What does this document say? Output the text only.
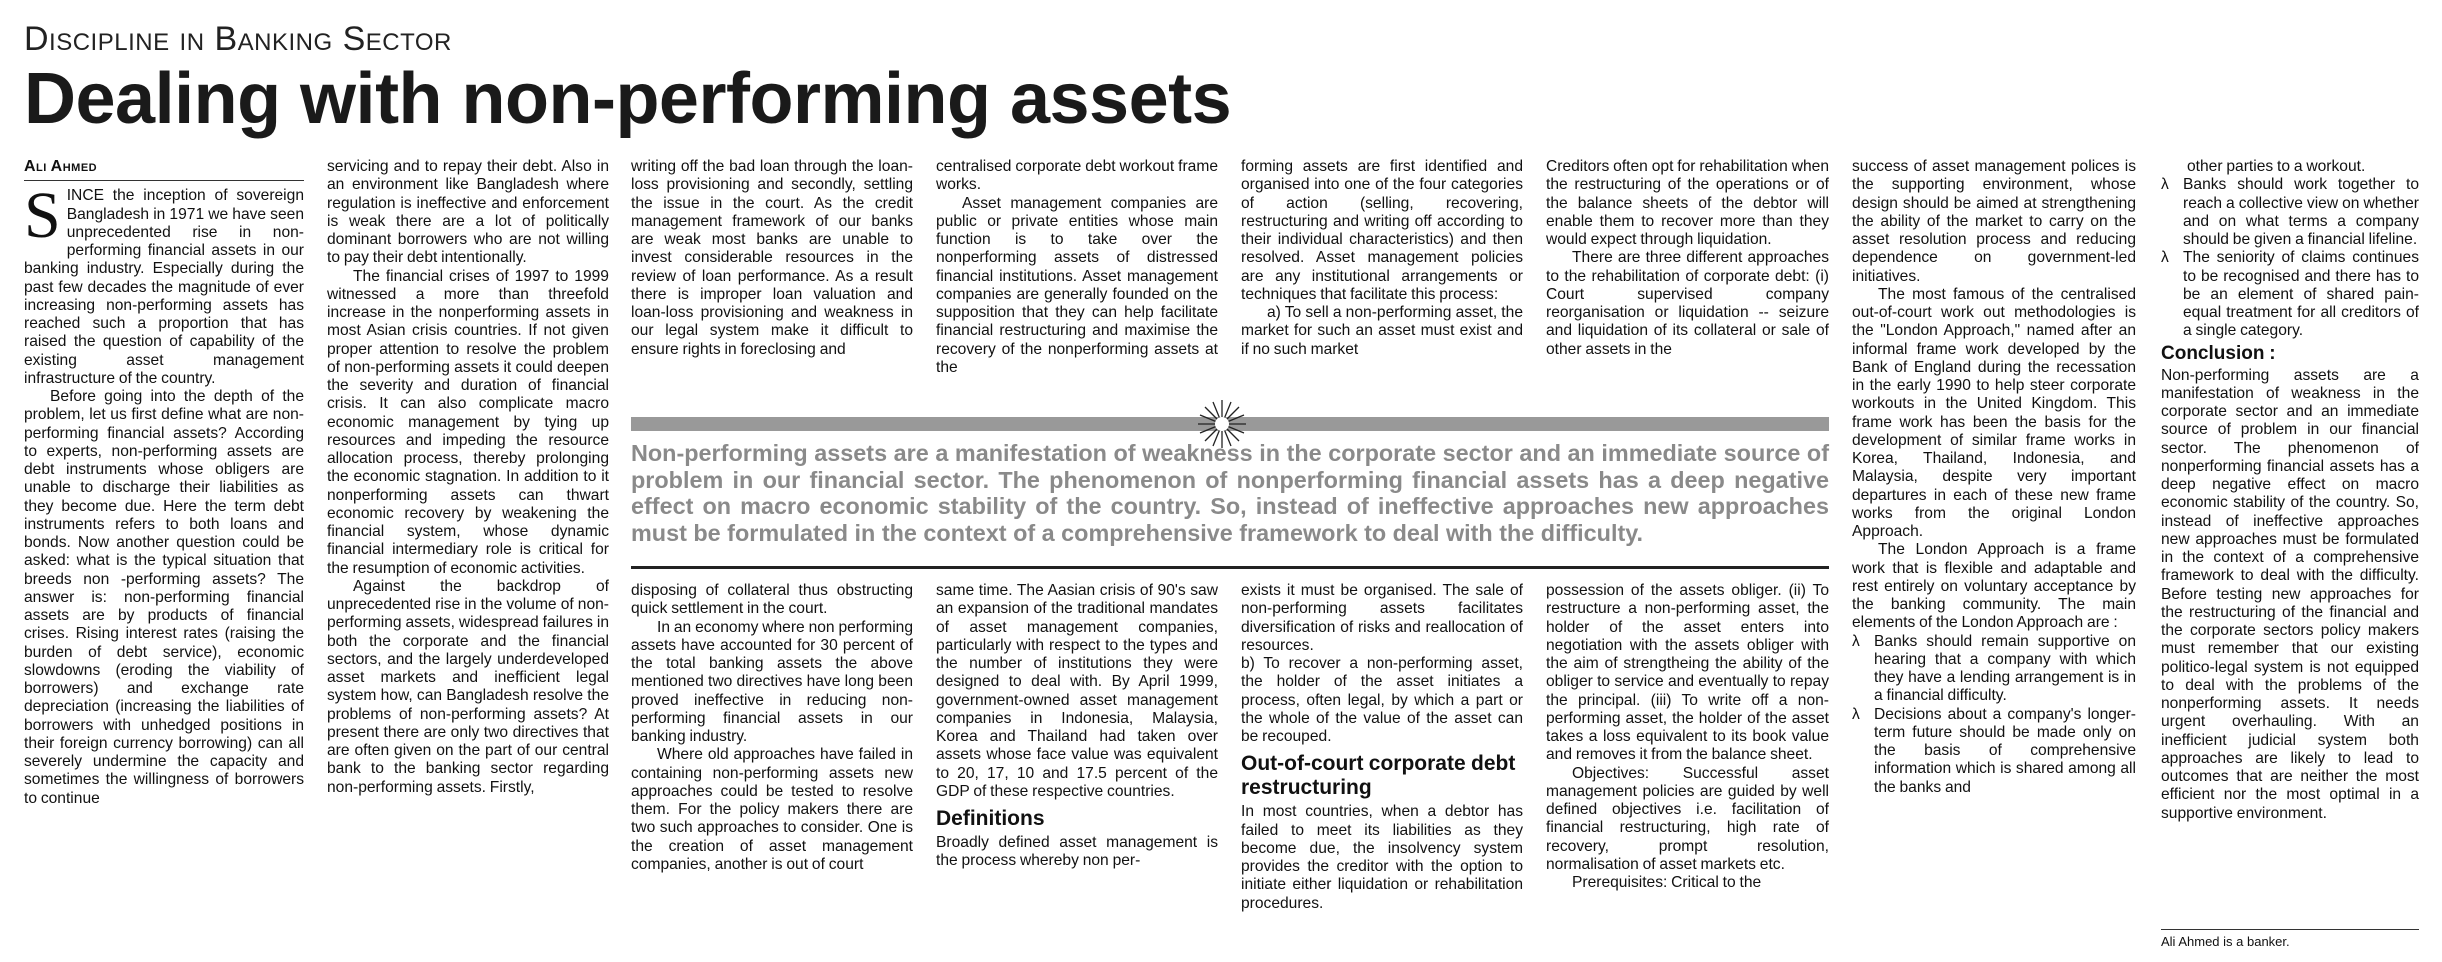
Discipline in Banking Sector
Dealing with non-performing assets
Ali Ahmed

SINCE the inception of sovereign Bangladesh in 1971 we have seen unprecedented rise in non-performing financial assets in our banking industry. Especially during the past few decades the magnitude of ever increasing non-performing assets has reached such a proportion that has raised the question of capability of the existing asset management infrastructure of the country.

Before going into the depth of the problem, let us first define what are non-performing financial assets? According to experts, non-performing assets are debt instruments whose obligers are unable to discharge their liabilities as they become due. Here the term debt instruments refers to both loans and bonds. Now another question could be asked: what is the typical situation that breeds non -performing assets? The answer is: non-performing financial assets are by products of financial crises. Rising interest rates (raising the burden of debt service), economic slowdowns (eroding the viability of borrowers) and exchange rate depreciation (increasing the liabilities of borrowers with unhedged positions in their foreign currency borrowing) can all severely undermine the capacity and sometimes the willingness of borrowers to continue

servicing and to repay their debt. Also in an environment like Bangladesh where regulation is ineffective and enforcement is weak there are a lot of politically dominant borrowers who are not willing to pay their debt intentionally.

The financial crises of 1997 to 1999 witnessed a more than threefold increase in the nonperforming assets in most Asian crisis countries. If not given proper attention to resolve the problem of non-performing assets it could deepen the severity and duration of financial crisis. It can also complicate macro economic management by tying up resources and impeding the resource allocation process, thereby prolonging the economic stagnation. In addition to it nonperforming assets can thwart economic recovery by weakening the financial system, whose dynamic financial intermediary role is critical for the resumption of economic activities.

Against the backdrop of unprecedented rise in the volume of non-performing assets, widespread failures in both the corporate and the financial sectors, and the largely underdeveloped asset markets and inefficient legal system how, can Bangladesh resolve the problems of non-performing assets? At present there are only two directives that are often given on the part of our central bank to the banking sector regarding non-performing assets. Firstly,

writing off the bad loan through the loan-loss provisioning and secondly, settling the issue in the court. As the credit management framework of our banks are weak most banks are unable to invest considerable resources in the review of loan performance. As a result there is improper loan valuation and loan-loss provisioning and weakness in our legal system make it difficult to ensure rights in foreclosing and

centralised corporate debt workout frame works.

Asset management companies are public or private entities whose main function is to take over the nonperforming assets of distressed financial institutions. Asset management companies are generally founded on the supposition that they can help facilitate financial restructuring and maximise the recovery of the nonperforming assets at the

forming assets are first identified and organised into one of the four categories of action (selling, recovering, restructuring and writing off according to their individual characteristics) and then resolved. Asset management policies are any institutional arrangements or techniques that facilitate this process:

a) To sell a non-performing asset, the market for such an asset must exist and if no such market

Creditors often opt for rehabilitation when the restructuring of the operations or of the balance sheets of the debtor will enable them to recover more than they would expect through liquidation.

There are three different approaches to the rehabilitation of corporate debt: (i) Court supervised company reorganisation or liquidation -- seizure and liquidation of its collateral or sale of other assets in the

Non-performing assets are a manifestation of weakness in the corporate sector and an immediate source of problem in our financial sector. The phenomenon of nonperforming financial assets has a deep negative effect on macro economic stability of the country. So, instead of ineffective approaches new approaches must be formulated in the context of a comprehensive framework to deal with the difficulty.

disposing of collateral thus obstructing quick settlement in the court.

In an economy where non performing assets have accounted for 30 percent of the total banking assets the above mentioned two directives have long been proved ineffective in reducing non-performing financial assets in our banking industry.

Where old approaches have failed in containing non-performing assets new approaches could be tested to resolve them. For the policy makers there are two such approaches to consider. One is the creation of asset management companies, another is out of court

same time. The Aasian crisis of 90's saw an expansion of the traditional mandates of asset management companies, particularly with respect to the types and the number of institutions they were designed to deal with. By April 1999, government-owned asset management companies in Indonesia, Malaysia, Korea and Thailand had taken over assets whose face value was equivalent to 20, 17, 10 and 17.5 percent of the GDP of these respective countries.

Definitions

Broadly defined asset management is the process whereby non per-

exists it must be organised. The sale of non-performing assets facilitates diversification of risks and reallocation of resources.

b) To recover a non-performing asset, the holder of the asset initiates a process, often legal, by which a part or the whole of the value of the asset can be recouped.

Out-of-court corporate debt restructuring

In most countries, when a debtor has failed to meet its liabilities as they become due, the insolvency system provides the creditor with the option to initiate either liquidation or rehabilitation procedures.

possession of the assets obliger. (ii) To restructure a non-performing asset, the holder of the asset enters into negotiation with the assets obliger with the aim of strengtheing the ability of the obliger to service and eventually to repay the principal. (iii) To write off a non-performing asset, the holder of the asset takes a loss equivalent to its book value and removes it from the balance sheet.

Objectives: Successful asset management policies are guided by well defined objectives i.e. facilitation of financial restructuring, high rate of recovery, prompt resolution, normalisation of asset markets etc.

Prerequisites: Critical to the

success of asset management polices is the supporting environment, whose design should be aimed at strengthening the ability of the market to carry on the asset resolution process and reducing dependence on government-led initiatives.

The most famous of the centralised out-of-court work out methodologies is the "London Approach," named after an informal frame work developed by the Bank of England during the recessation in the early 1990 to help steer corporate workouts in the United Kingdom. This frame work has been the basis for the development of similar frame works in Korea, Thailand, Indonesia, and Malaysia, despite very important departures in each of these new frame works from the original London Approach.

The London Approach is a frame work that is flexible and adaptable and rest entirely on voluntary acceptance by the banking community. The main elements of the London Approach are :

λ Banks should remain supportive on hearing that a company with which they have a lending arrangement is in a financial difficulty.

λ Decisions about a company's longer-term future should be made only on the basis of comprehensive information which is shared among all the banks and

other parties to a workout.

λ Banks should work together to reach a collective view on whether and on what terms a company should be given a financial lifeline.

λ The seniority of claims continues to be recognised and there has to be an element of shared pain-equal treatment for all creditors of a single category.

Conclusion :

Non-performing assets are a manifestation of weakness in the corporate sector and an immediate source of problem in our financial sector. The phenomenon of nonperforming financial assets has a deep negative effect on macro economic stability of the country. So, instead of ineffective approaches new approaches must be formulated in the context of a comprehensive framework to deal with the difficulty. Before testing new approaches for the restructuring of the financial and the corporate sectors policy makers must remember that our existing politico-legal system is not equipped to deal with the problems of the nonperforming assets. It needs urgent overhauling. With an inefficient judicial system both approaches are likely to lead to outcomes that are neither the most efficient nor the most optimal in a supportive environment.

Ali Ahmed is a banker.
